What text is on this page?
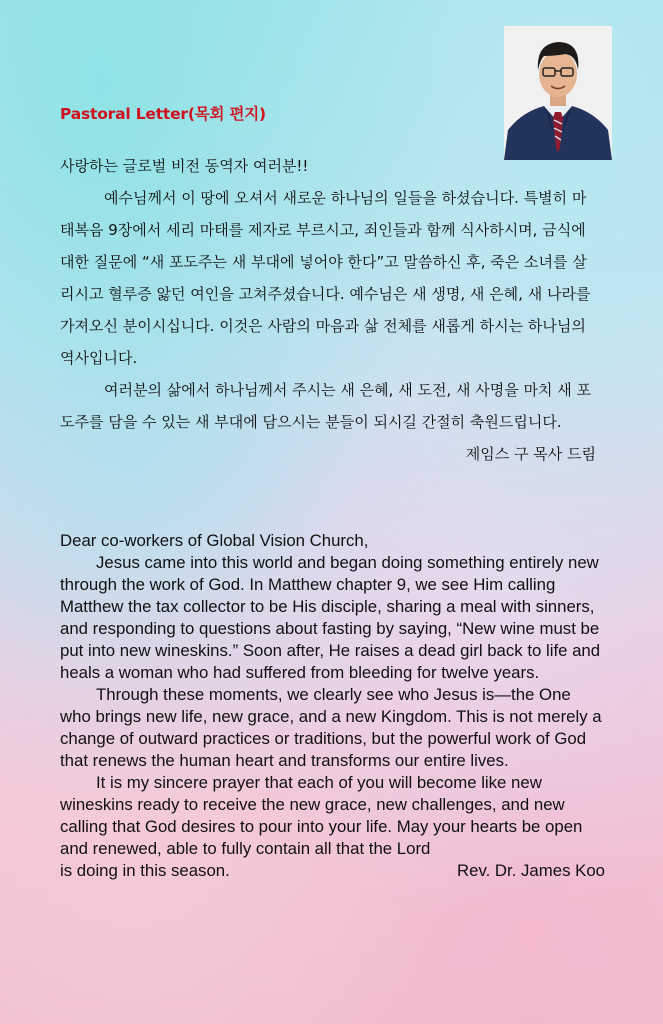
Pastoral Letter(목회 편지)

사랑하는 글로벌 비전 동역자 여러분!!

예수님께서 이 땅에 오셔서 새로운 하나님의 일들을 하셨습니다. 특별히 마태복음 9장에서 세리 마태를 제자로 부르시고, 죄인들과 함께 식사하시며, 금식에 대한 질문에 “새 포도주는 새 부대에 넣어야 한다”고 말씀하신 후, 죽은 소녀를 살리시고 혈루증 앓던 여인을 고쳐주셨습니다. 예수님은 새 생명, 새 은혜, 새 나라를 가져오신 분이시십니다. 이것은 사람의 마음과 삶 전체를 새롭게 하시는 하나님의 역사입니다.

여러분의 삶에서 하나님께서 주시는 새 은혜, 새 도전, 새 사명을 마치 새 포도주를 담을 수 있는 새 부대에 담으시는 분들이 되시길 간절히 축원드립니다.

제임스 구 목사 드림

Dear co-workers of Global Vision Church,

Jesus came into this world and began doing something entirely new through the work of God. In Matthew chapter 9, we see Him calling Matthew the tax collector to be His disciple, sharing a meal with sinners, and responding to questions about fasting by saying, “New wine must be put into new wineskins.” Soon after, He raises a dead girl back to life and heals a woman who had suffered from bleeding for twelve years.

Through these moments, we clearly see who Jesus is—the One who brings new life, new grace, and a new Kingdom. This is not merely a change of outward practices or traditions, but the powerful work of God that renews the human heart and transforms our entire lives.

It is my sincere prayer that each of you will become like new wineskins ready to receive the new grace, new challenges, and new calling that God desires to pour into your life. May your hearts be open and renewed, able to fully contain all that the Lord

is doing in this season.	Rev. Dr. James Koo
